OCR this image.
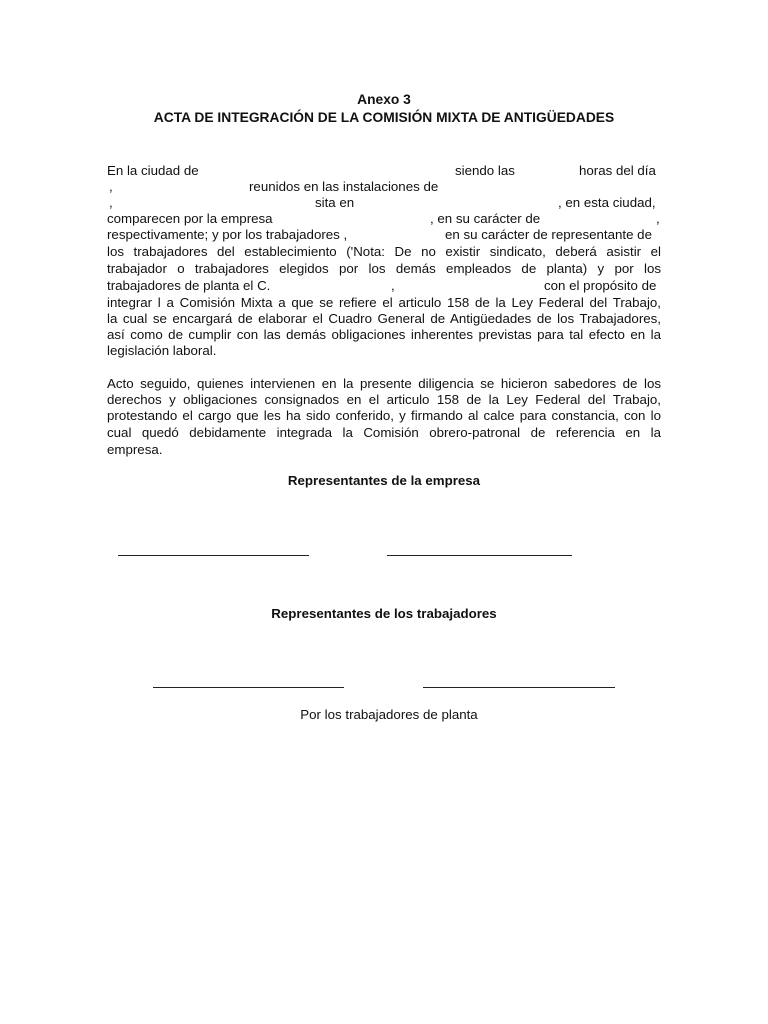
Anexo 3
ACTA DE INTEGRACIÓN DE LA COMISIÓN MIXTA DE ANTIGÜEDADES
En la ciudad de	siendo las	horas del día
,	reunidos en las instalaciones de
,	sita en	, en esta ciudad,
comparecen por la empresa	, en su carácter de	,
respectivamente; y por los trabajadores ,	en su carácter de representante de
los trabajadores del establecimiento ('Nota: De no existir sindicato, deberá asistir el
trabajador o trabajadores elegidos por los demás empleados de planta) y por los
trabajadores de planta el C.	,	con el propósito de
integrar l a Comisión Mixta a que se refiere el articulo 158 de la Ley Federal del Trabajo,
la cual se encargará de elaborar el Cuadro General de Antigüedades de los Trabajadores,
así como de cumplir con las demás obligaciones inherentes previstas para tal efecto en la
legislación laboral.
Acto seguido, quienes intervienen en la presente diligencia se hicieron sabedores de los
derechos y obligaciones consignados en el articulo 158 de la Ley Federal del Trabajo,
protestando el cargo que les ha sido conferido, y firmando al calce para constancia, con lo
cual quedó debidamente integrada la Comisión obrero-patronal de referencia en la
empresa.
Representantes de la empresa
Representantes de los trabajadores
Por los trabajadores de planta
